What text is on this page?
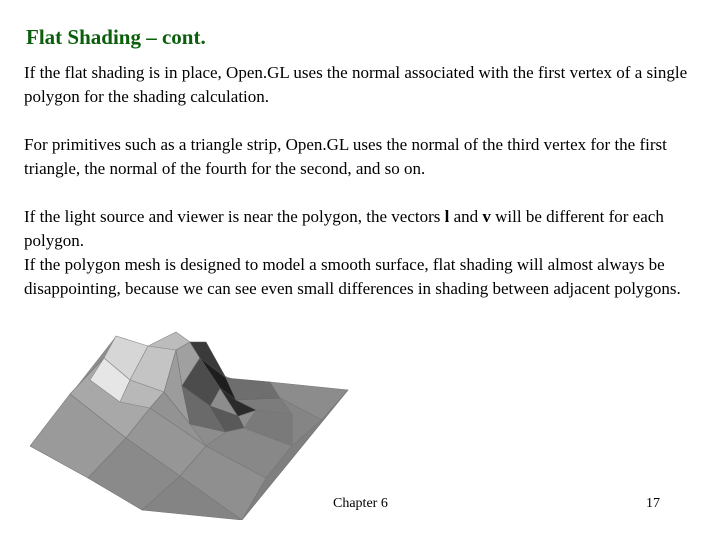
Flat Shading – cont.

If the flat shading is in place, Open.GL uses the normal associated with the first vertex of a single polygon for the shading calculation.

For primitives such as a triangle strip, Open.GL uses the normal of the third vertex for the first triangle, the normal of the fourth for the second, and so on.

If the light source and viewer is near the polygon, the vectors l and v will be different for each polygon.
If the polygon mesh is designed to model a smooth surface, flat shading will almost always be disappointing, because we can see even small differences in shading between adjacent polygons.

Chapter 6	17
